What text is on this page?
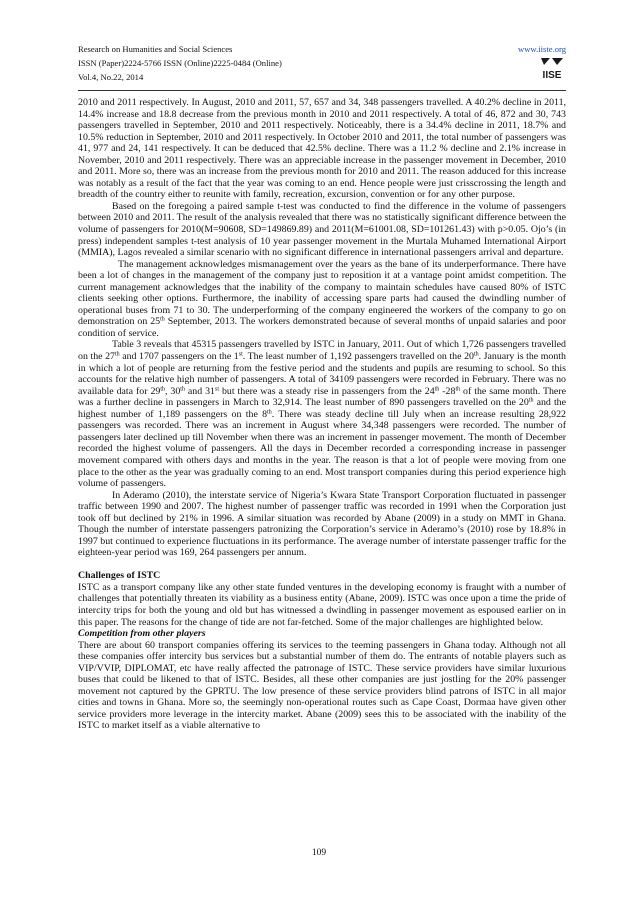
Research on Humanities and Social Sciences
ISSN (Paper)2224-5766 ISSN (Online)2225-0484 (Online)
Vol.4, No.22, 2014
www.iiste.org
IISE

2010 and 2011 respectively. In August, 2010 and 2011, 57, 657 and 34, 348 passengers travelled. A 40.2% decline in 2011, 14.4% increase and 18.8 decrease from the previous month in 2010 and 2011 respectively. A total of 46, 872 and 30, 743 passengers travelled in September, 2010 and 2011 respectively. Noticeably, there is a 34.4% decline in 2011, 18.7% and 10.5% reduction in September, 2010 and 2011 respectively. In October 2010 and 2011, the total number of passengers was 41, 977 and 24, 141 respectively. It can be deduced that 42.5% decline. There was a 11.2 % decline and 2.1% increase in November, 2010 and 2011 respectively. There was an appreciable increase in the passenger movement in December, 2010 and 2011. More so, there was an increase from the previous month for 2010 and 2011. The reason adduced for this increase was notably as a result of the fact that the year was coming to an end. Hence people were just crisscrossing the length and breadth of the country either to reunite with family, recreation, excursion, convention or for any other purpose.

Based on the foregoing a paired sample t-test was conducted to find the difference in the volume of passengers between 2010 and 2011. The result of the analysis revealed that there was no statistically significant difference between the volume of passengers for 2010(M=90608, SD=149869.89) and 2011(M=61001.08, SD=101261.43) with p>0.05. Ojo’s (in press) independent samples t-test analysis of 10 year passenger movement in the Murtala Muhamed International Airport (MMIA), Lagos revealed a similar scenario with no significant difference in international passengers arrival and departure.

The management acknowledges mismanagement over the years as the bane of its underperformance. There have been a lot of changes in the management of the company just to reposition it at a vantage point amidst competition. The current management acknowledges that the inability of the company to maintain schedules have caused 80% of ISTC clients seeking other options. Furthermore, the inability of accessing spare parts had caused the dwindling number of operational buses from 71 to 30. The underperforming of the company engineered the workers of the company to go on demonstration on 25th September, 2013. The workers demonstrated because of several months of unpaid salaries and poor condition of service.

Table 3 reveals that 45315 passengers travelled by ISTC in January, 2011. Out of which 1,726 passengers travelled on the 27th and 1707 passengers on the 1st. The least number of 1,192 passengers travelled on the 20th. January is the month in which a lot of people are returning from the festive period and the students and pupils are resuming to school. So this accounts for the relative high number of passengers. A total of 34109 passengers were recorded in February. There was no available data for 29th, 30th and 31st but there was a steady rise in passengers from the 24th -28th of the same month. There was a further decline in passengers in March to 32,914. The least number of 890 passengers travelled on the 20th and the highest number of 1,189 passengers on the 8th. There was steady decline till July when an increase resulting 28,922 passengers was recorded. There was an increment in August where 34,348 passengers were recorded. The number of passengers later declined up till November when there was an increment in passenger movement. The month of December recorded the highest volume of passengers. All the days in December recorded a corresponding increase in passenger movement compared with others days and months in the year. The reason is that a lot of people were moving from one place to the other as the year was gradually coming to an end. Most transport companies during this period experience high volume of passengers.

In Aderamo (2010), the interstate service of Nigeria’s Kwara State Transport Corporation fluctuated in passenger traffic between 1990 and 2007. The highest number of passenger traffic was recorded in 1991 when the Corporation just took off but declined by 21% in 1996. A similar situation was recorded by Abane (2009) in a study on MMT in Ghana. Though the number of interstate passengers patronizing the Corporation’s service in Aderamo’s (2010) rose by 18.8% in 1997 but continued to experience fluctuations in its performance. The average number of interstate passenger traffic for the eighteen-year period was 169, 264 passengers per annum.

Challenges of ISTC

ISTC as a transport company like any other state funded ventures in the developing economy is fraught with a number of challenges that potentially threaten its viability as a business entity (Abane, 2009). ISTC was once upon a time the pride of intercity trips for both the young and old but has witnessed a dwindling in passenger movement as espoused earlier on in this paper. The reasons for the change of tide are not far-fetched. Some of the major challenges are highlighted below.

Competition from other players

There are about 60 transport companies offering its services to the teeming passengers in Ghana today. Although not all these companies offer intercity bus services but a substantial number of them do. The entrants of notable players such as VIP/VVIP, DIPLOMAT, etc have really affected the patronage of ISTC. These service providers have similar luxurious buses that could be likened to that of ISTC. Besides, all these other companies are just jostling for the 20% passenger movement not captured by the GPRTU. The low presence of these service providers blind patrons of ISTC in all major cities and towns in Ghana. More so, the seemingly non-operational routes such as Cape Coast, Dormaa have given other service providers more leverage in the intercity market. Abane (2009) sees this to be associated with the inability of the ISTC to market itself as a viable alternative to

109
